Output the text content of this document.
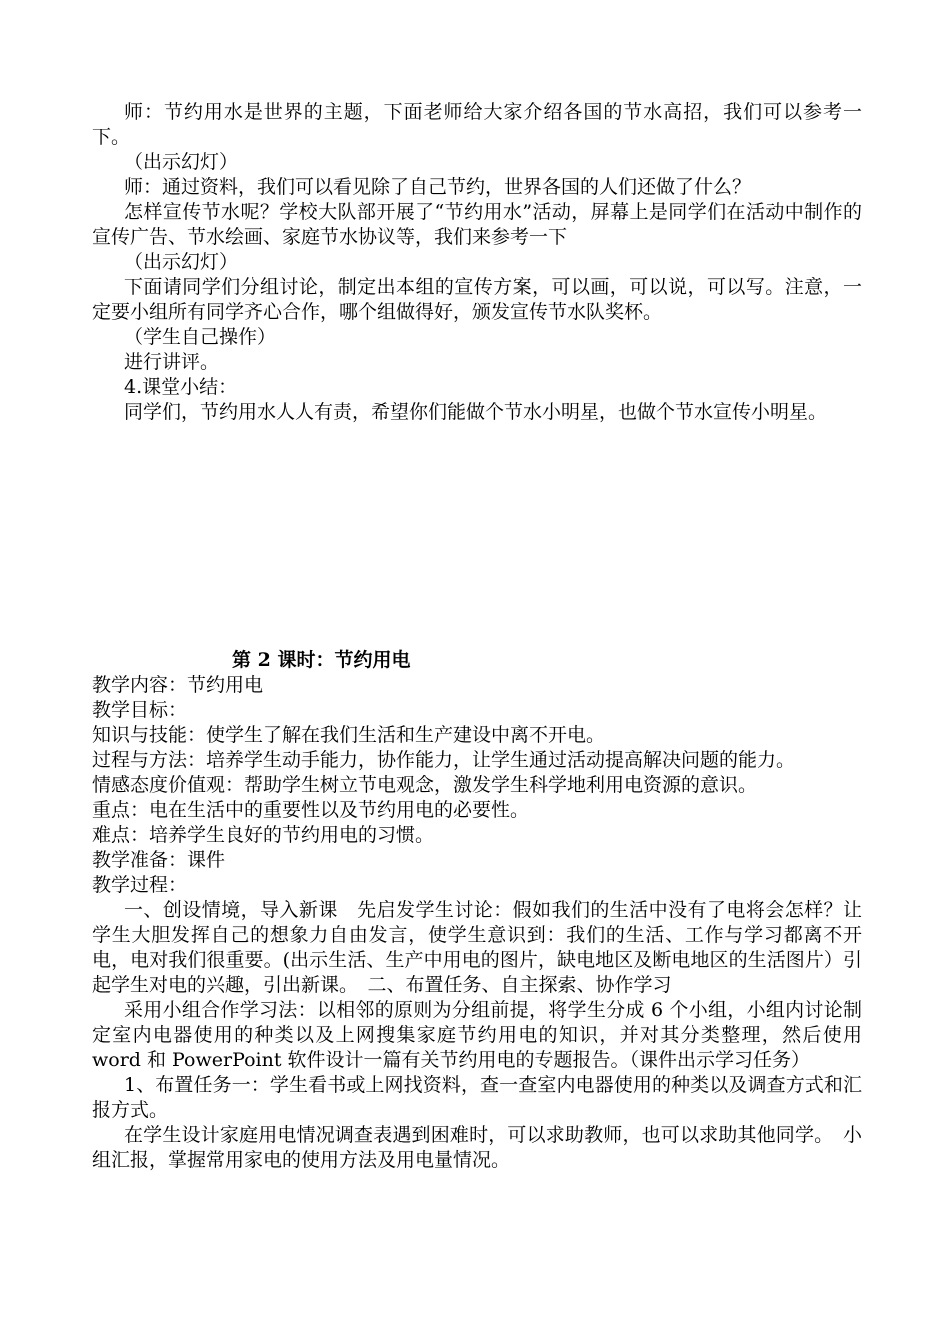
师：节约用水是世界的主题，下面老师给大家介绍各国的节水高招，我们可以参考一下。

（出示幻灯）

师：通过资料，我们可以看见除了自己节约，世界各国的人们还做了什么？

怎样宣传节水呢？学校大队部开展了“节约用水”活动，屏幕上是同学们在活动中制作的宣传广告、节水绘画、家庭节水协议等，我们来参考一下

（出示幻灯）

下面请同学们分组讨论，制定出本组的宣传方案，可以画，可以说，可以写。注意，一定要小组所有同学齐心合作，哪个组做得好，颁发宣传节水队奖杯。

（学生自己操作）

进行讲评。

4.课堂小结：

同学们，节约用水人人有责，希望你们能做个节水小明星，也做个节水宣传小明星。

第 2 课时：节约用电

教学内容：节约用电

教学目标：

知识与技能：使学生了解在我们生活和生产建设中离不开电。

过程与方法：培养学生动手能力，协作能力，让学生通过活动提高解决问题的能力。

情感态度价值观：帮助学生树立节电观念，激发学生科学地利用电资源的意识。

重点：电在生活中的重要性以及节约用电的必要性。

难点：培养学生良好的节约用电的习惯。

教学准备：课件

教学过程：

一、创设情境，导入新课　先启发学生讨论：假如我们的生活中没有了电将会怎样？让学生大胆发挥自己的想象力自由发言，使学生意识到：我们的生活、工作与学习都离不开电，电对我们很重要。(出示生活、生产中用电的图片，缺电地区及断电地区的生活图片）引起学生对电的兴趣，引出新课。　二、布置任务、自主探索、协作学习

采用小组合作学习法：以相邻的原则为分组前提，将学生分成 6 个小组，小组内讨论制定室内电器使用的种类以及上网搜集家庭节约用电的知识，并对其分类整理，然后使用 word 和 PowerPoint 软件设计一篇有关节约用电的专题报告。（课件出示学习任务）

1、布置任务一：学生看书或上网找资料，查一查室内电器使用的种类以及调查方式和汇报方式。

在学生设计家庭用电情况调查表遇到困难时，可以求助教师，也可以求助其他同学。　小组汇报，掌握常用家电的使用方法及用电量情况。
